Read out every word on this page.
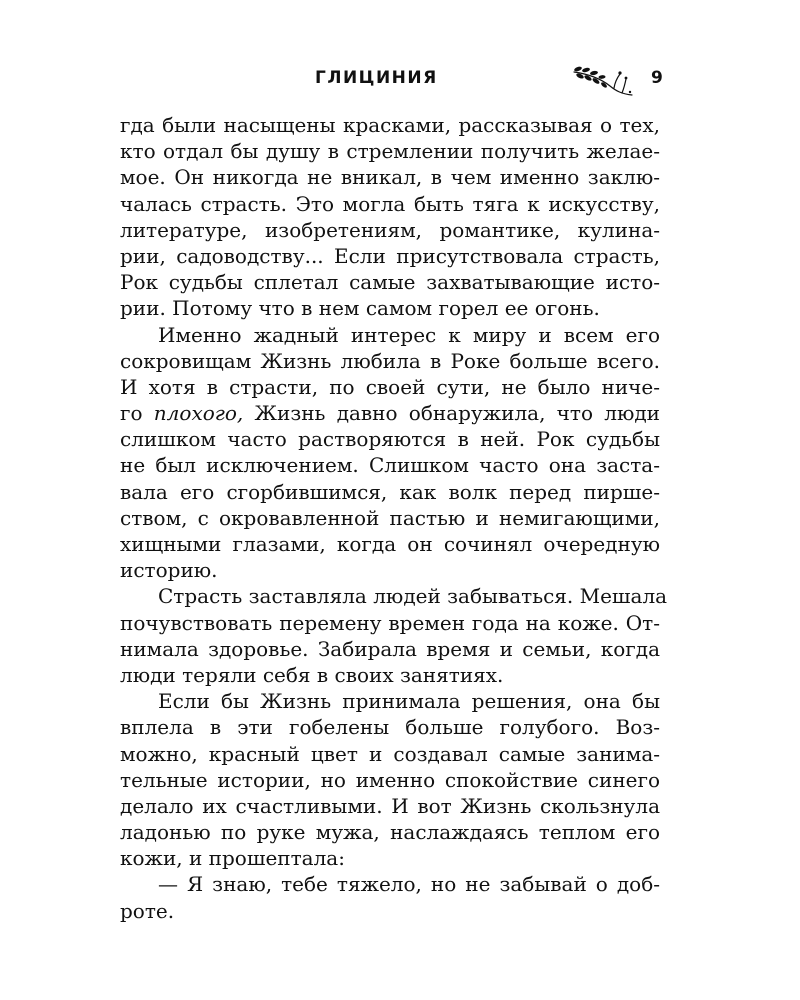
ГЛИЦИНИЯ	9
гда были насыщены красками, рассказывая о тех,
кто отдал бы душу в стремлении получить желае-
мое. Он никогда не вникал, в чем именно заклю-
чалась страсть. Это могла быть тяга к искусству,
литературе, изобретениям, романтике, кулина-
рии, садоводству... Если присутствовала страсть,
Рок судьбы сплетал самые захватывающие исто-
рии. Потому что в нем самом горел ее огонь.
Именно жадный интерес к миру и всем его
сокровищам Жизнь любила в Роке больше всего.
И хотя в страсти, по своей сути, не было ниче-
го плохого, Жизнь давно обнаружила, что люди
слишком часто растворяются в ней. Рок судьбы
не был исключением. Слишком часто она заста-
вала его сгорбившимся, как волк перед пирше-
ством, с окровавленной пастью и немигающими,
хищными глазами, когда он сочинял очередную
историю.
Страсть заставляла людей забываться. Мешала
почувствовать перемену времен года на коже. От-
нимала здоровье. Забирала время и семьи, когда
люди теряли себя в своих занятиях.
Если бы Жизнь принимала решения, она бы
вплела в эти гобелены больше голубого. Воз-
можно, красный цвет и создавал самые занима-
тельные истории, но именно спокойствие синего
делало их счастливыми. И вот Жизнь скользнула
ладонью по руке мужа, наслаждаясь теплом его
кожи, и прошептала:
— Я знаю, тебе тяжело, но не забывай о доб-
роте.
